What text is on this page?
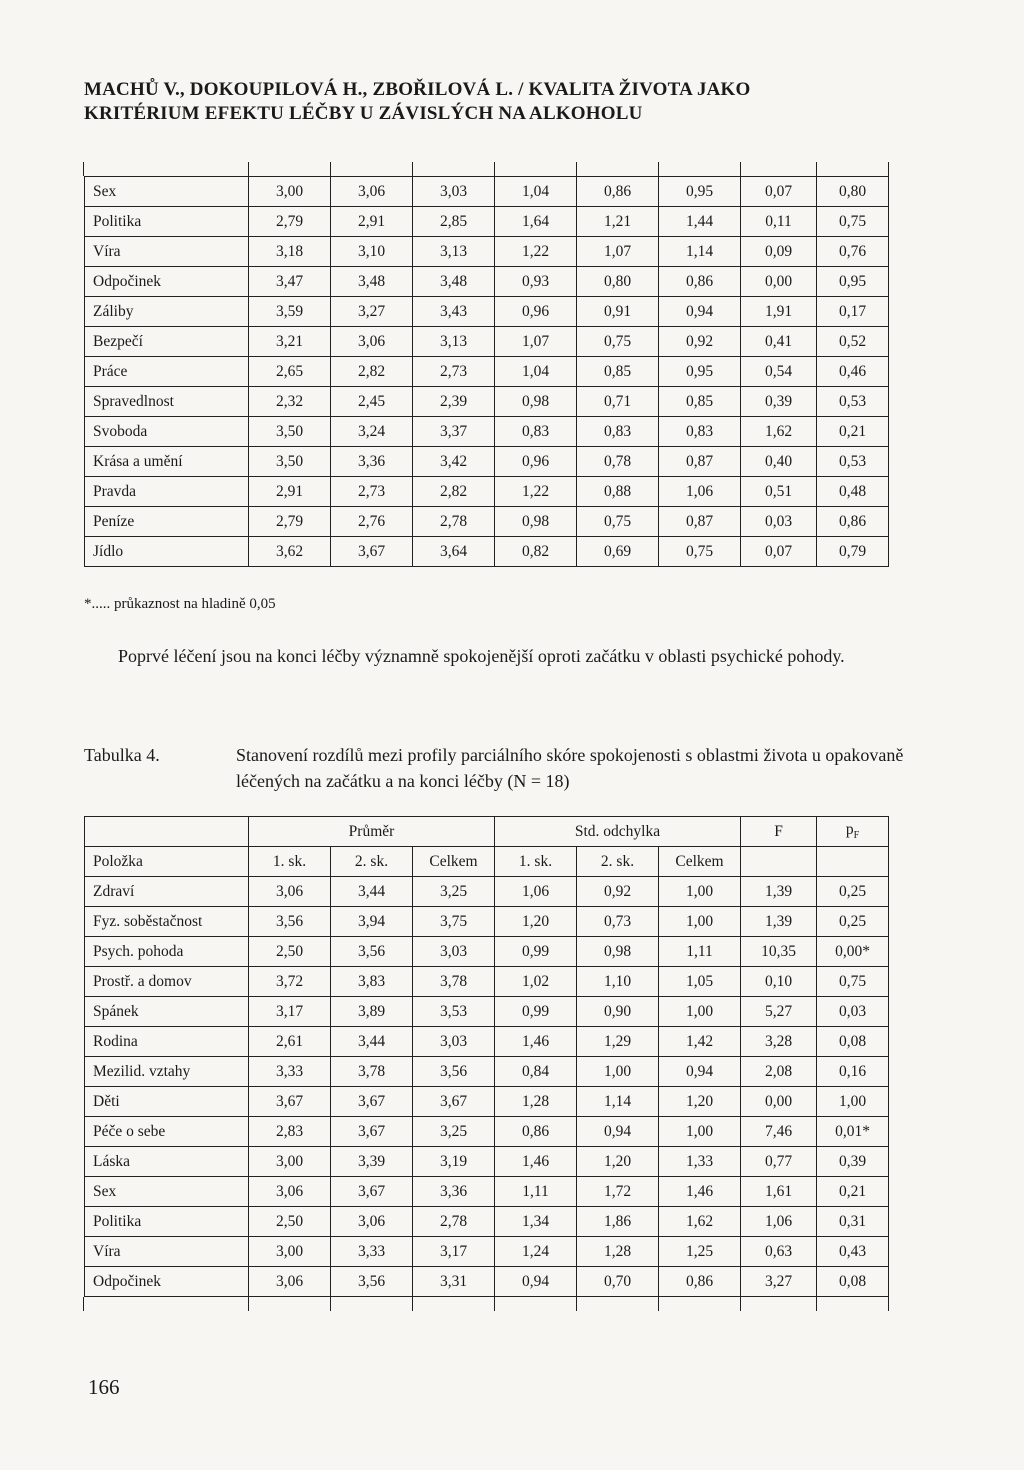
MACHŮ V., DOKOUPILOVÁ H., ZBOŘILOVÁ L. / KVALITA ŽIVOTA JAKO
KRITÉRIUM EFEKTU LÉČBY U ZÁVISLÝCH NA ALKOHOLU
Sex	3,00	3,06	3,03	1,04	0,86	0,95	0,07	0,80
Politika	2,79	2,91	2,85	1,64	1,21	1,44	0,11	0,75
Víra	3,18	3,10	3,13	1,22	1,07	1,14	0,09	0,76
Odpočinek	3,47	3,48	3,48	0,93	0,80	0,86	0,00	0,95
Záliby	3,59	3,27	3,43	0,96	0,91	0,94	1,91	0,17
Bezpečí	3,21	3,06	3,13	1,07	0,75	0,92	0,41	0,52
Práce	2,65	2,82	2,73	1,04	0,85	0,95	0,54	0,46
Spravedlnost	2,32	2,45	2,39	0,98	0,71	0,85	0,39	0,53
Svoboda	3,50	3,24	3,37	0,83	0,83	0,83	1,62	0,21
Krása a umění	3,50	3,36	3,42	0,96	0,78	0,87	0,40	0,53
Pravda	2,91	2,73	2,82	1,22	0,88	1,06	0,51	0,48
Peníze	2,79	2,76	2,78	0,98	0,75	0,87	0,03	0,86
Jídlo	3,62	3,67	3,64	0,82	0,69	0,75	0,07	0,79
*..... průkaznost na hladině 0,05
Poprvé léčení jsou na konci léčby významně spokojenější oproti začátku v oblasti psychické pohody.
Tabulka 4.	Stanovení rozdílů mezi profily parciálního skóre spokojenosti s oblastmi života u opakovaně léčených na začátku a na konci léčby (N = 18)
	Průměr			Std. odchylka			F	$p_F$
Položka	1. sk.	2. sk.	Celkem	1. sk.	2. sk.	Celkem		
Zdraví	3,06	3,44	3,25	1,06	0,92	1,00	1,39	0,25
Fyz. soběstačnost	3,56	3,94	3,75	1,20	0,73	1,00	1,39	0,25
Psych. pohoda	2,50	3,56	3,03	0,99	0,98	1,11	10,35	0,00*
Prostř. a domov	3,72	3,83	3,78	1,02	1,10	1,05	0,10	0,75
Spánek	3,17	3,89	3,53	0,99	0,90	1,00	5,27	0,03
Rodina	2,61	3,44	3,03	1,46	1,29	1,42	3,28	0,08
Mezilid. vztahy	3,33	3,78	3,56	0,84	1,00	0,94	2,08	0,16
Děti	3,67	3,67	3,67	1,28	1,14	1,20	0,00	1,00
Péče o sebe	2,83	3,67	3,25	0,86	0,94	1,00	7,46	0,01*
Láska	3,00	3,39	3,19	1,46	1,20	1,33	0,77	0,39
Sex	3,06	3,67	3,36	1,11	1,72	1,46	1,61	0,21
Politika	2,50	3,06	2,78	1,34	1,86	1,62	1,06	0,31
Víra	3,00	3,33	3,17	1,24	1,28	1,25	0,63	0,43
Odpočinek	3,06	3,56	3,31	0,94	0,70	0,86	3,27	0,08
166
